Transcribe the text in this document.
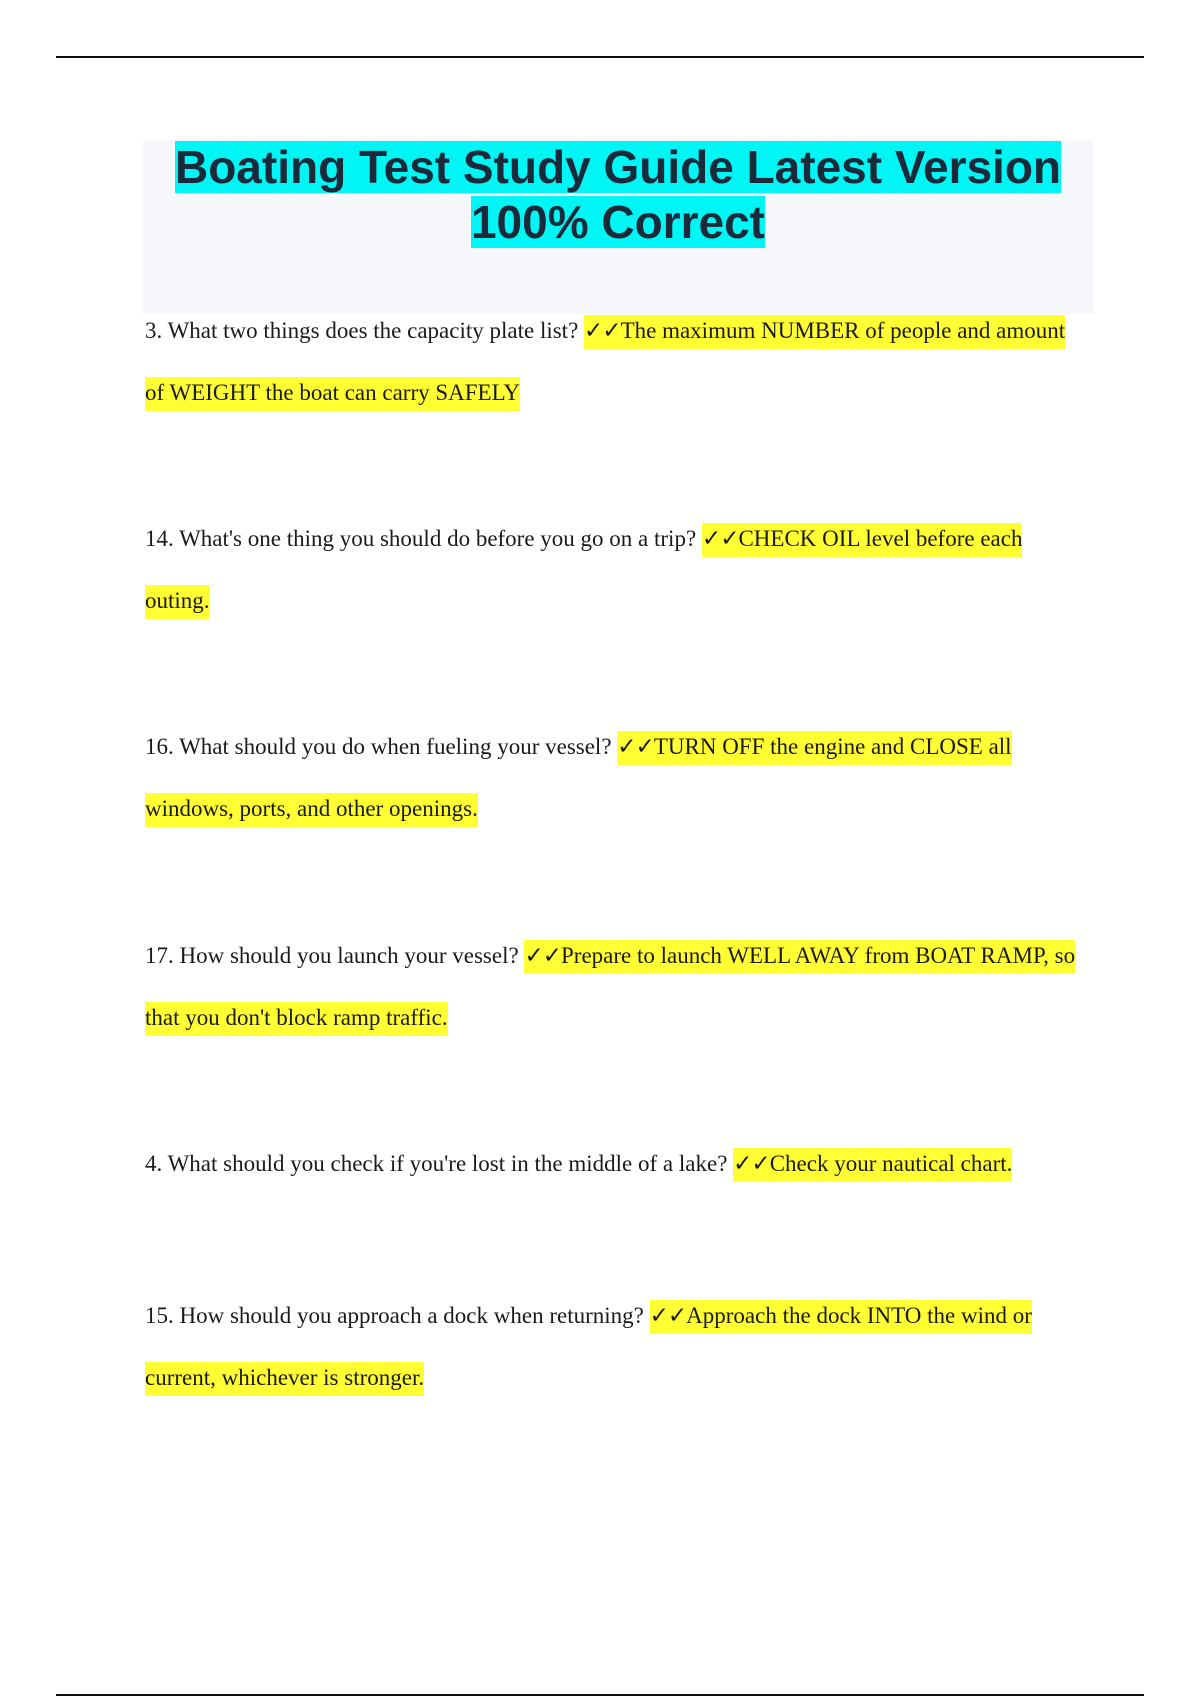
Boating Test Study Guide Latest Version 100% Correct

3. What two things does the capacity plate list? ✓✓The maximum NUMBER of people and amount of WEIGHT the boat can carry SAFELY

14. What's one thing you should do before you go on a trip? ✓✓CHECK OIL level before each outing.

16. What should you do when fueling your vessel? ✓✓TURN OFF the engine and CLOSE all windows, ports, and other openings.

17. How should you launch your vessel? ✓✓Prepare to launch WELL AWAY from BOAT RAMP, so that you don't block ramp traffic.

4. What should you check if you're lost in the middle of a lake? ✓✓Check your nautical chart.

15. How should you approach a dock when returning? ✓✓Approach the dock INTO the wind or current, whichever is stronger.
